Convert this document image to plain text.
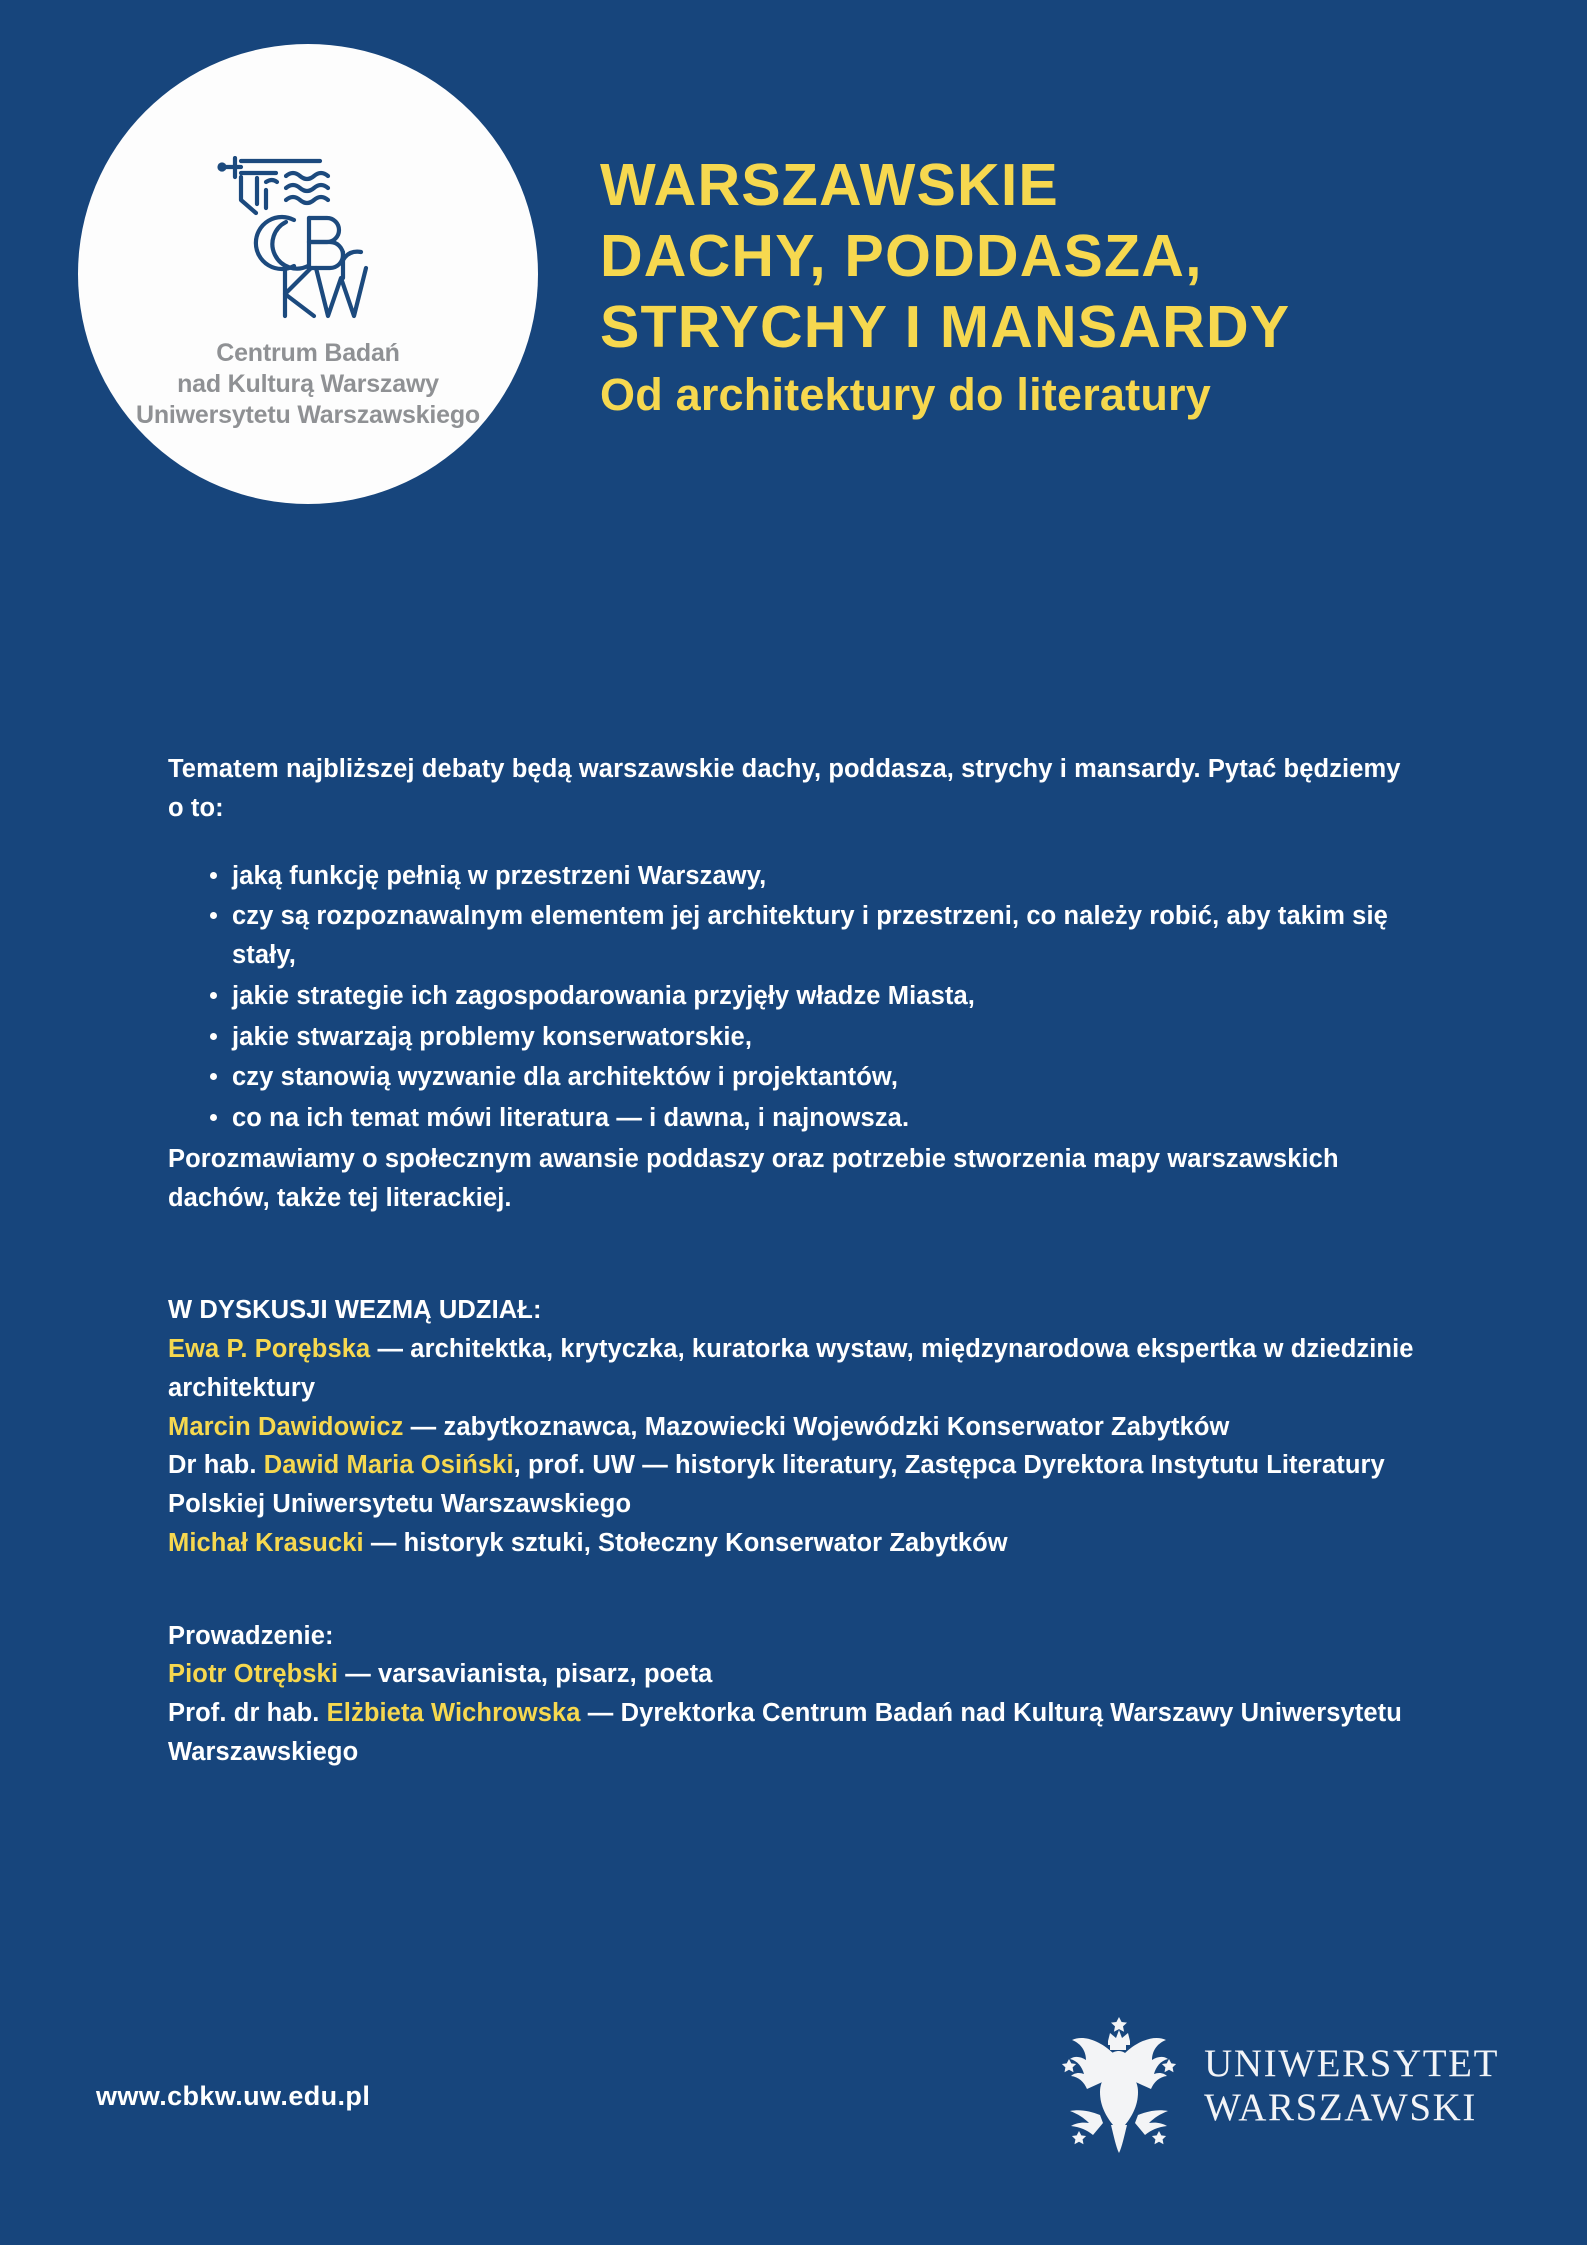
Centrum Badań
nad Kulturą Warszawy
Uniwersytetu Warszawskiego
WARSZAWSKIE
DACHY, PODDASZA,
STRYCHY I MANSARDY
Od architektury do literatury

Tematem najbliższej debaty będą warszawskie dachy, poddasza, strychy i mansardy. Pytać będziemy o to:

jaką funkcję pełnią w przestrzeni Warszawy,
czy są rozpoznawalnym elementem jej architektury i przestrzeni, co należy robić, aby takim się stały,
jakie strategie ich zagospodarowania przyjęły władze Miasta,
jakie stwarzają problemy konserwatorskie,
czy stanowią wyzwanie dla architektów i projektantów,
co na ich temat mówi literatura — i dawna, i najnowsza.

Porozmawiamy o społecznym awansie poddaszy oraz potrzebie stworzenia mapy warszawskich dachów, także tej literackiej.

W DYSKUSJI WEZMĄ UDZIAŁ:

Ewa P. Porębska — architektka, krytyczka, kuratorka wystaw, międzynarodowa ekspertka w dziedzinie architektury

Marcin Dawidowicz — zabytkoznawca, Mazowiecki Wojewódzki Konserwator Zabytków

Dr hab. Dawid Maria Osiński, prof. UW — historyk literatury, Zastępca Dyrektora Instytutu Literatury Polskiej Uniwersytetu Warszawskiego

Michał Krasucki — historyk sztuki, Stołeczny Konserwator Zabytków

Prowadzenie:

Piotr Otrębski — varsavianista, pisarz, poeta

Prof. dr hab. Elżbieta Wichrowska — Dyrektorka Centrum Badań nad Kulturą Warszawy Uniwersytetu Warszawskiego

www.cbkw.uw.edu.pl
UNIWERSYTET
WARSZAWSKI
